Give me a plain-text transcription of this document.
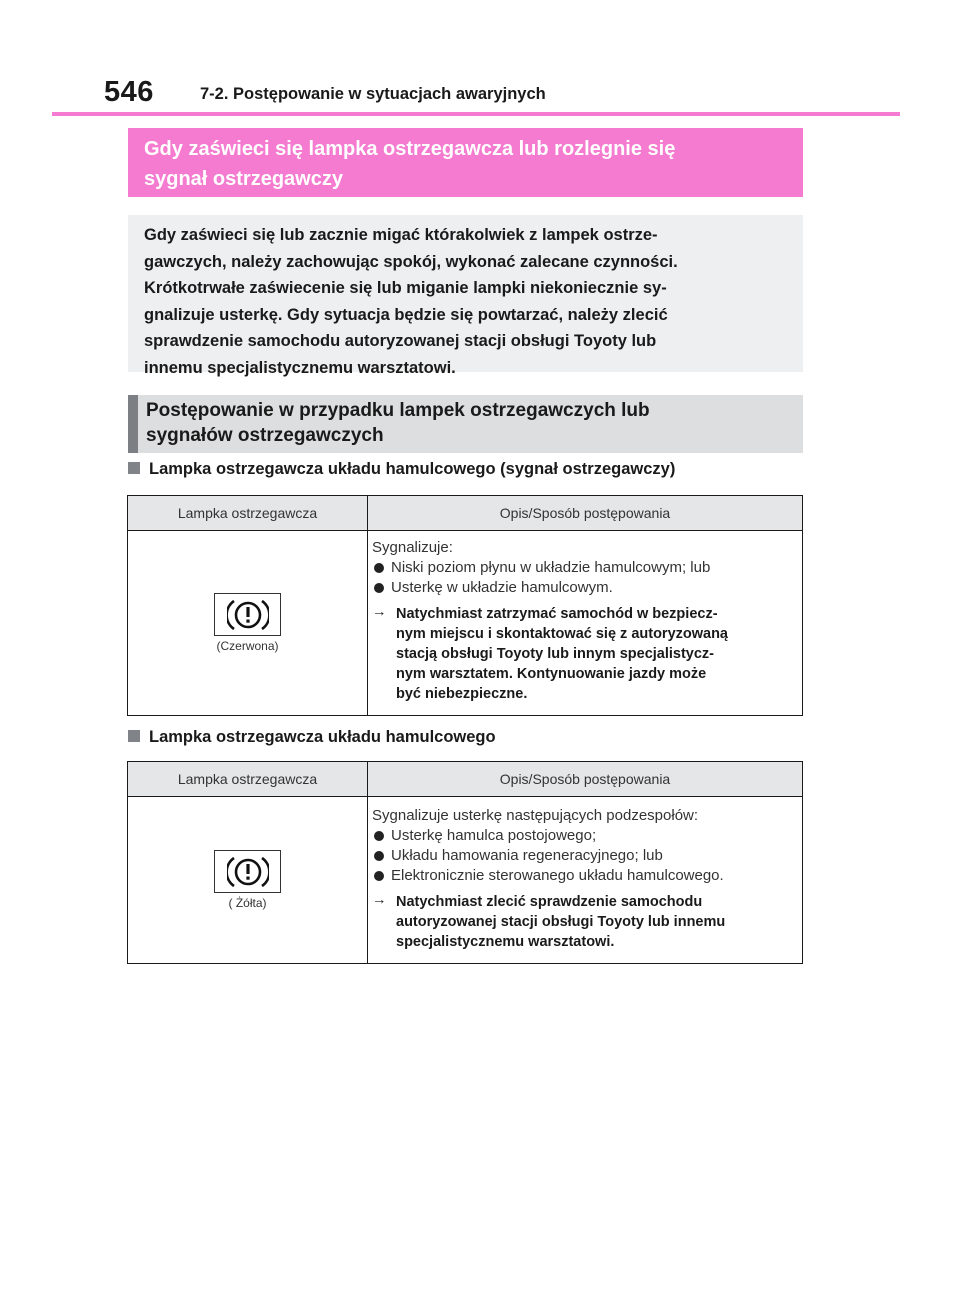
546	7-2. Postępowanie w sytuacjach awaryjnych
Gdy zaświeci się lampka ostrzegawcza lub rozlegnie się
sygnał ostrzegawczy
Gdy zaświeci się lub zacznie migać którakolwiek z lampek ostrze-
gawczych, należy zachowując spokój, wykonać zalecane czynności.
Krótkotrwałe zaświecenie się lub miganie lampki niekoniecznie sy-
gnalizuje usterkę. Gdy sytuacja będzie się powtarzać, należy zlecić
sprawdzenie samochodu autoryzowanej stacji obsługi Toyoty lub
innemu specjalistycznemu warsztatowi.
Postępowanie w przypadku lampek ostrzegawczych lub
sygnałów ostrzegawczych
Lampka ostrzegawcza układu hamulcowego (sygnał ostrzegawczy)
Lampka ostrzegawcza	Opis/Sposób postępowania
(Czerwona)
Sygnalizuje:
Niski poziom płynu w układzie hamulcowym; lub
Usterkę w układzie hamulcowym.
→ Natychmiast zatrzymać samochód w bezpiecz-
nym miejscu i skontaktować się z autoryzowaną
stacją obsługi Toyoty lub innym specjalistycz-
nym warsztatem. Kontynuowanie jazdy może
być niebezpieczne.
Lampka ostrzegawcza układu hamulcowego
Lampka ostrzegawcza	Opis/Sposób postępowania
( Żółta)
Sygnalizuje usterkę następujących podzespołów:
Usterkę hamulca postojowego;
Układu hamowania regeneracyjnego; lub
Elektronicznie sterowanego układu hamulcowego.
→ Natychmiast zlecić sprawdzenie samochodu
autoryzowanej stacji obsługi Toyoty lub innemu
specjalistycznemu warsztatowi.
